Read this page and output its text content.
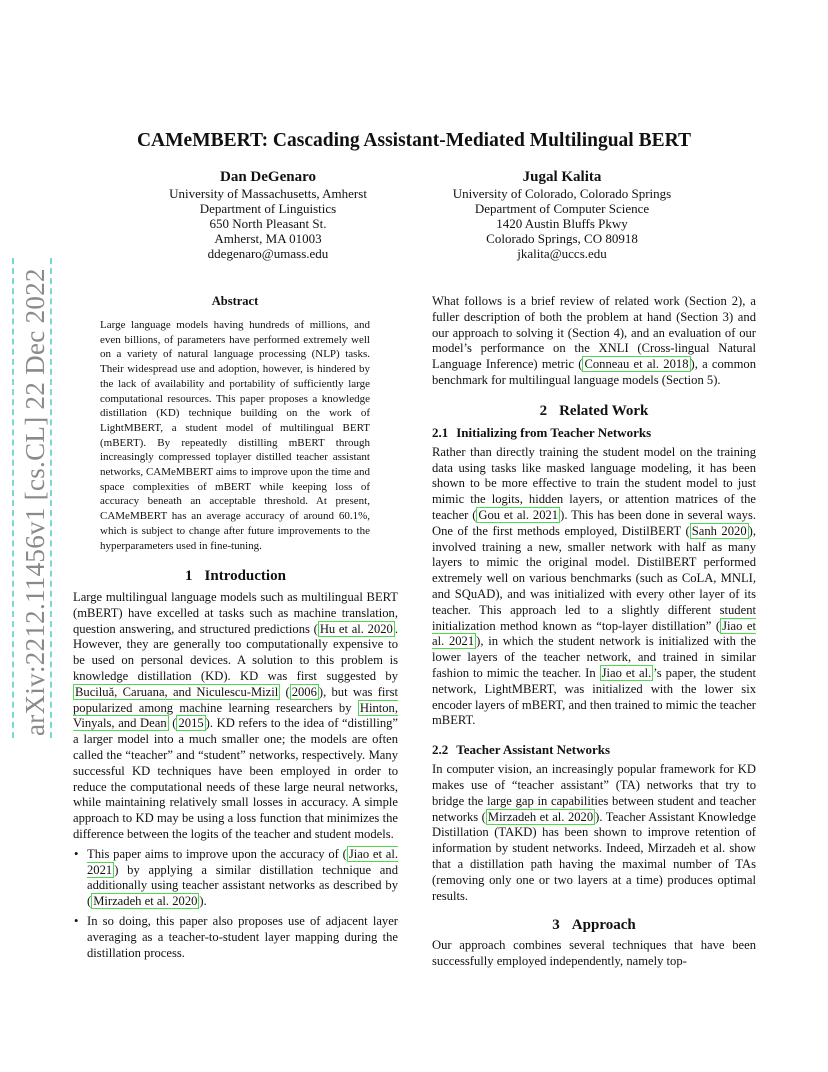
arXiv:2212.11456v1 [cs.CL] 22 Dec 2022
CAMeMBERT: Cascading Assistant-Mediated Multilingual BERT
Dan DeGenaro
University of Massachusetts, Amherst
Department of Linguistics
650 North Pleasant St.
Amherst, MA 01003
ddegenaro@umass.edu
Jugal Kalita
University of Colorado, Colorado Springs
Department of Computer Science
1420 Austin Bluffs Pkwy
Colorado Springs, CO 80918
jkalita@uccs.edu
Abstract
Large language models having hundreds of millions, and even billions, of parameters have performed extremely well on a variety of natural language processing (NLP) tasks. Their widespread use and adoption, however, is hindered by the lack of availability and portability of sufficiently large computational resources. This paper proposes a knowledge distillation (KD) technique building on the work of LightMBERT, a student model of multilingual BERT (mBERT). By repeatedly distilling mBERT through increasingly compressed toplayer distilled teacher assistant networks, CAMeMBERT aims to improve upon the time and space complexities of mBERT while keeping loss of accuracy beneath an acceptable threshold. At present, CAMeMBERT has an average accuracy of around 60.1%, which is subject to change after future improvements to the hyperparameters used in fine-tuning.
1 Introduction

Large multilingual language models such as multilingual BERT (mBERT) have excelled at tasks such as machine translation, question answering, and structured predictions ( Hu et al. 2020 . However, they are generally too computationally expensive to be used on personal devices. A solution to this problem is knowledge distillation (KD). KD was first suggested by Buciluǎ, Caruana, and Niculescu-Mizil ( 2006 ), but was first popularized among machine learning researchers by Hinton, Vinyals, and Dean ( 2015 ). KD refers to the idea of “distilling” a larger model into a much smaller one; the models are often called the “teacher” and “student” networks, respectively. Many successful KD techniques have been employed in order to reduce the computational needs of these large neural networks, while maintaining relatively small losses in accuracy. A simple approach to KD may be using a loss function that minimizes the difference between the logits of the teacher and student models.

• This paper aims to improve upon the accuracy of ( Jiao et al. 2021 ) by applying a similar distillation technique and additionally using teacher assistant networks as described by ( Mirzadeh et al. 2020 ).
• In so doing, this paper also proposes use of adjacent layer averaging as a teacher-to-student layer mapping during the distillation process.

What follows is a brief review of related work (Section 2), a fuller description of both the problem at hand (Section 3) and our approach to solving it (Section 4), and an evaluation of our model’s performance on the XNLI (Cross-lingual Natural Language Inference) metric ( Conneau et al. 2018 ), a common benchmark for multilingual language models (Section 5).

2 Related Work
2.1 Initializing from Teacher Networks

Rather than directly training the student model on the training data using tasks like masked language modeling, it has been shown to be more effective to train the student model to just mimic the logits, hidden layers, or attention matrices of the teacher ( Gou et al. 2021 ). This has been done in several ways. One of the first methods employed, DistilBERT ( Sanh 2020 ), involved training a new, smaller network with half as many layers to mimic the original model. DistilBERT performed extremely well on various benchmarks (such as CoLA, MNLI, and SQuAD), and was initialized with every other layer of its teacher. This approach led to a slightly different student initialization method known as “top-layer distillation” ( Jiao et al. 2021 ), in which the student network is initialized with the lower layers of the teacher network, and trained in similar fashion to mimic the teacher. In Jiao et al. ’s paper, the student network, LightMBERT, was initialized with the lower six encoder layers of mBERT, and then trained to mimic the teacher mBERT.

2.2 Teacher Assistant Networks

In computer vision, an increasingly popular framework for KD makes use of “teacher assistant” (TA) networks that try to bridge the large gap in capabilities between student and teacher networks ( Mirzadeh et al. 2020 ). Teacher Assistant Knowledge Distillation (TAKD) has been shown to improve retention of information by student networks. Indeed, Mirzadeh et al. show that a distillation path having the maximal number of TAs (removing only one or two layers at a time) produces optimal results.

3 Approach

Our approach combines several techniques that have been successfully employed independently, namely top-
